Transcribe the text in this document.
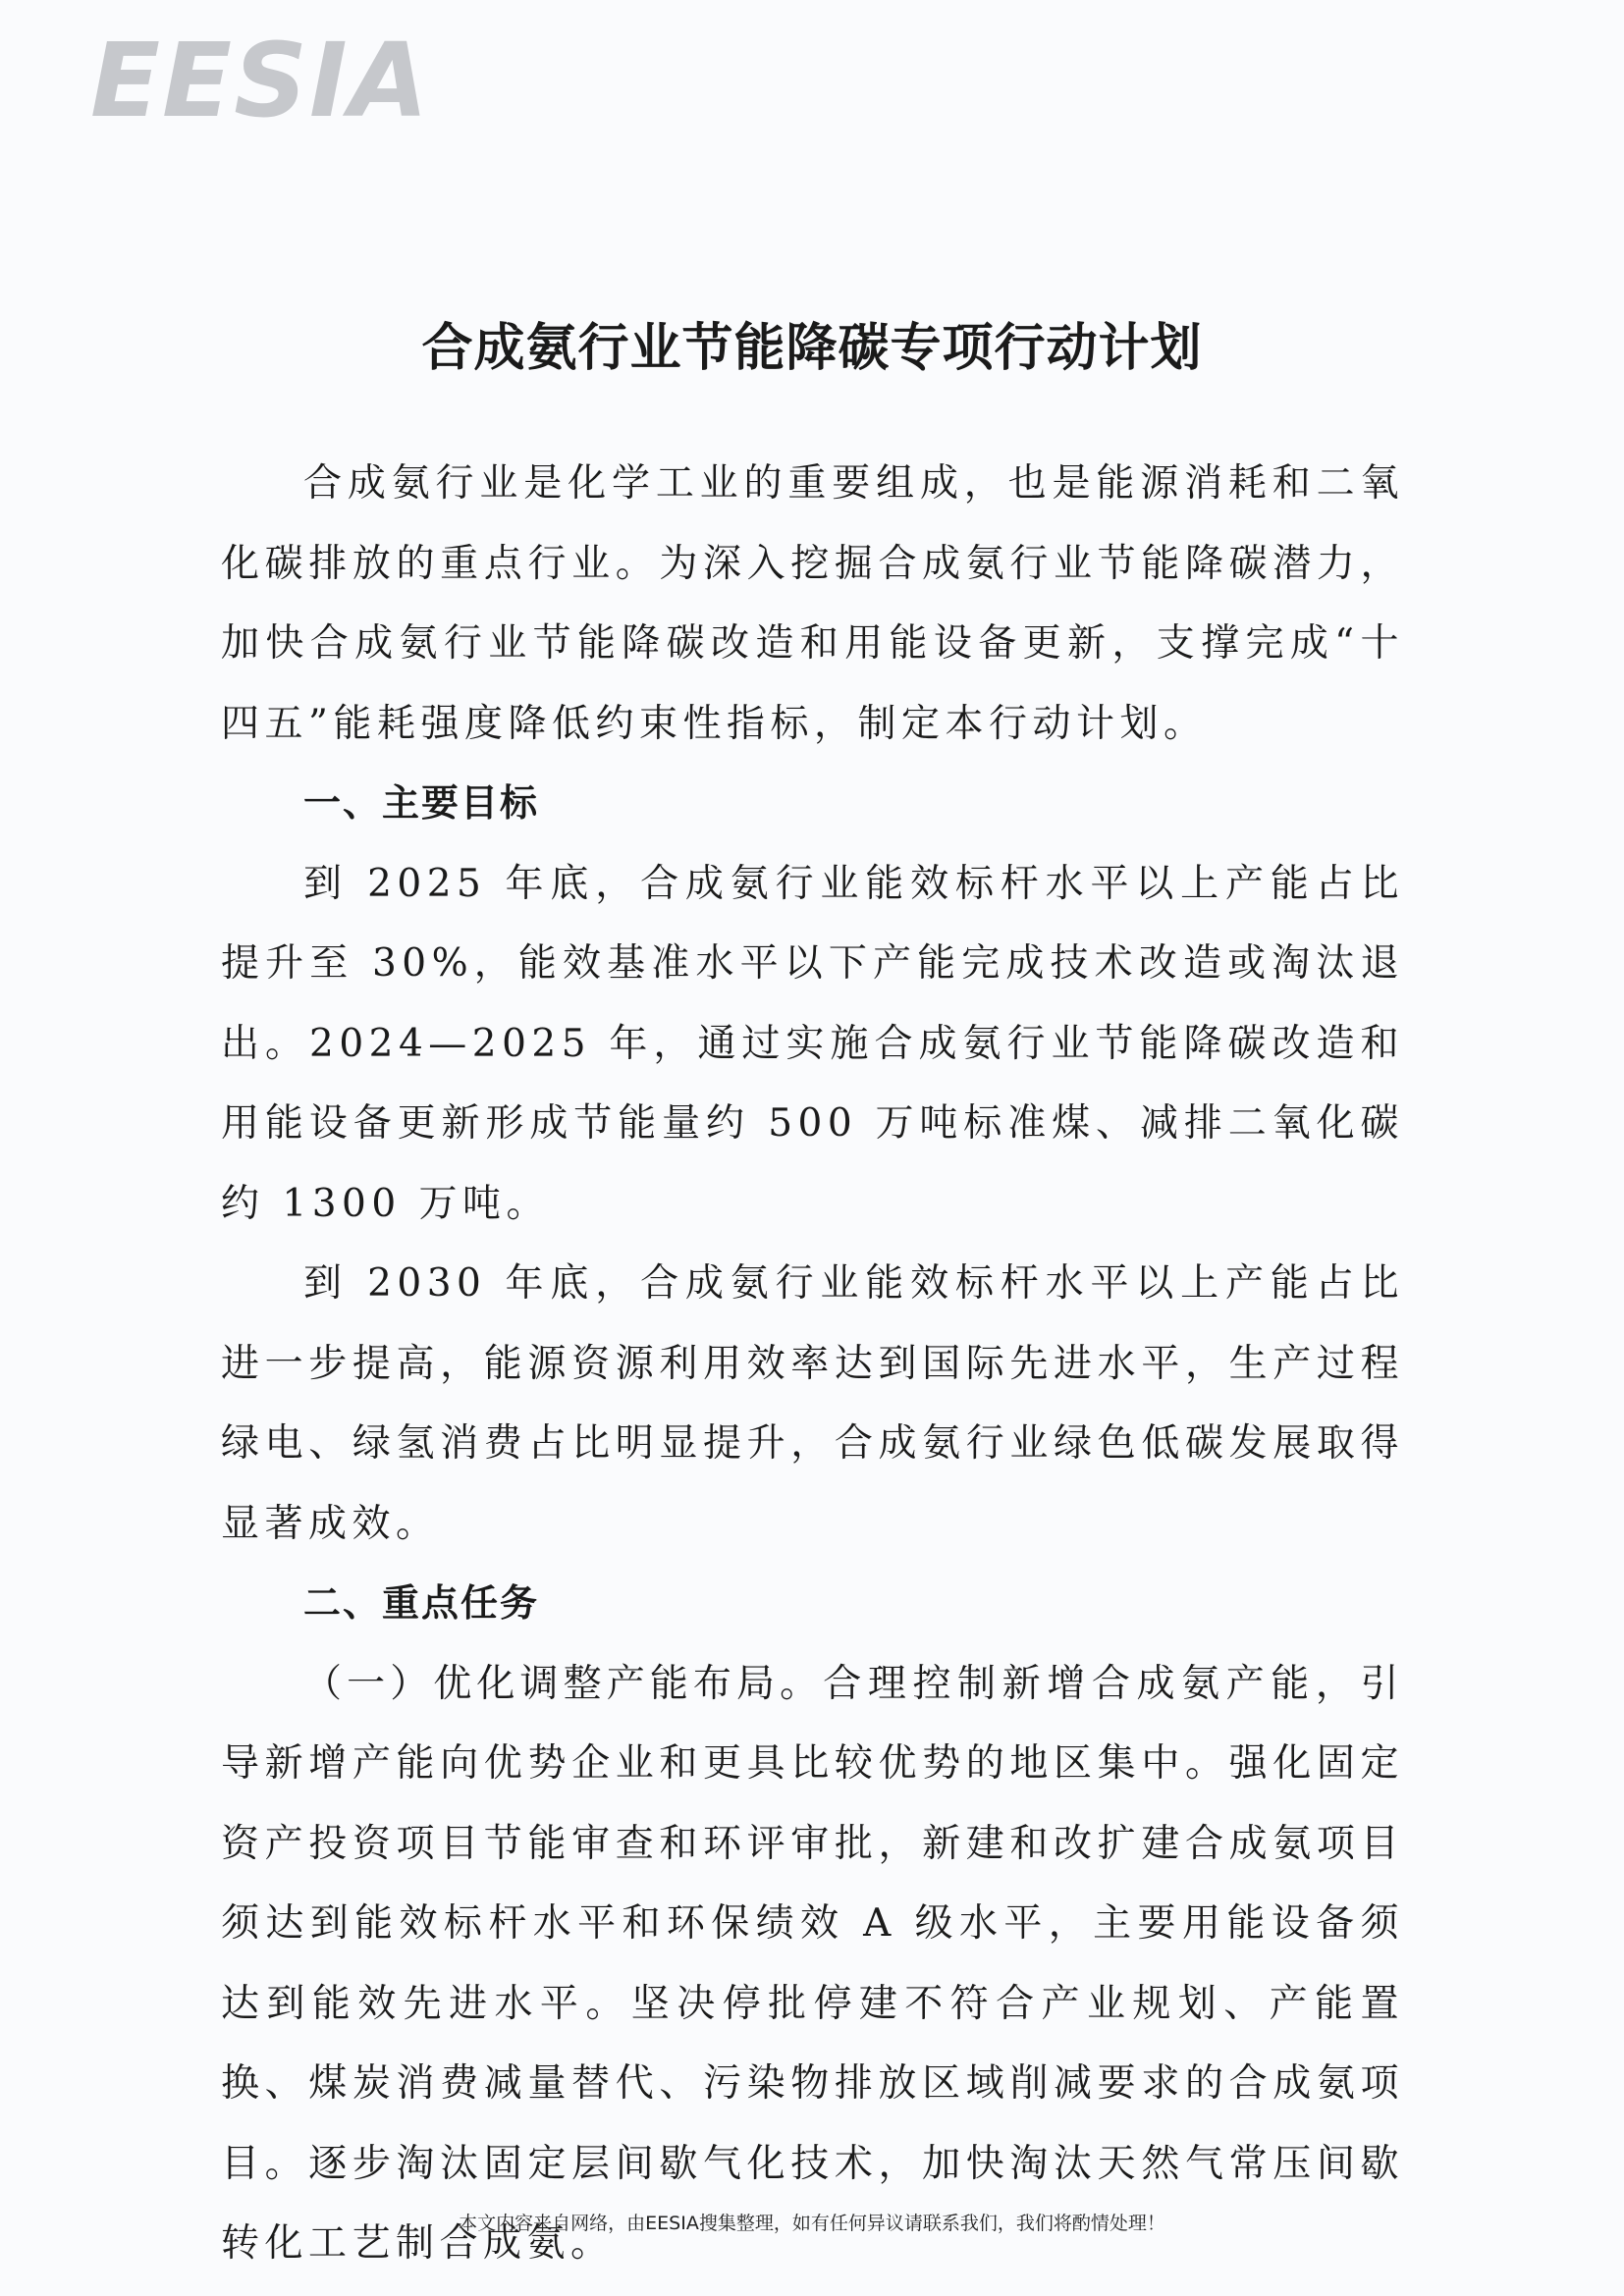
EESIA
合成氨行业节能降碳专项行动计划

合成氨行业是化学工业的重要组成，也是能源消耗和二氧化碳排放的重点行业。为深入挖掘合成氨行业节能降碳潜力，加快合成氨行业节能降碳改造和用能设备更新，支撑完成“十四五”能耗强度降低约束性指标，制定本行动计划。

一、主要目标

到 2025 年底，合成氨行业能效标杆水平以上产能占比提升至 30%，能效基准水平以下产能完成技术改造或淘汰退出。2024—2025 年，通过实施合成氨行业节能降碳改造和用能设备更新形成节能量约 500 万吨标准煤、减排二氧化碳约 1300 万吨。

到 2030 年底，合成氨行业能效标杆水平以上产能占比进一步提高，能源资源利用效率达到国际先进水平，生产过程绿电、绿氢消费占比明显提升，合成氨行业绿色低碳发展取得显著成效。

二、重点任务

（一）优化调整产能布局。合理控制新增合成氨产能，引导新增产能向优势企业和更具比较优势的地区集中。强化固定资产投资项目节能审查和环评审批，新建和改扩建合成氨项目须达到能效标杆水平和环保绩效 A 级水平，主要用能设备须达到能效先进水平。坚决停批停建不符合产业规划、产能置换、煤炭消费减量替代、污染物排放区域削减要求的合成氨项目。逐步淘汰固定层间歇气化技术，加快淘汰天然气常压间歇转化工艺制合成氨。

本文内容来自网络，由EESIA搜集整理，如有任何异议请联系我们，我们将酌情处理！
